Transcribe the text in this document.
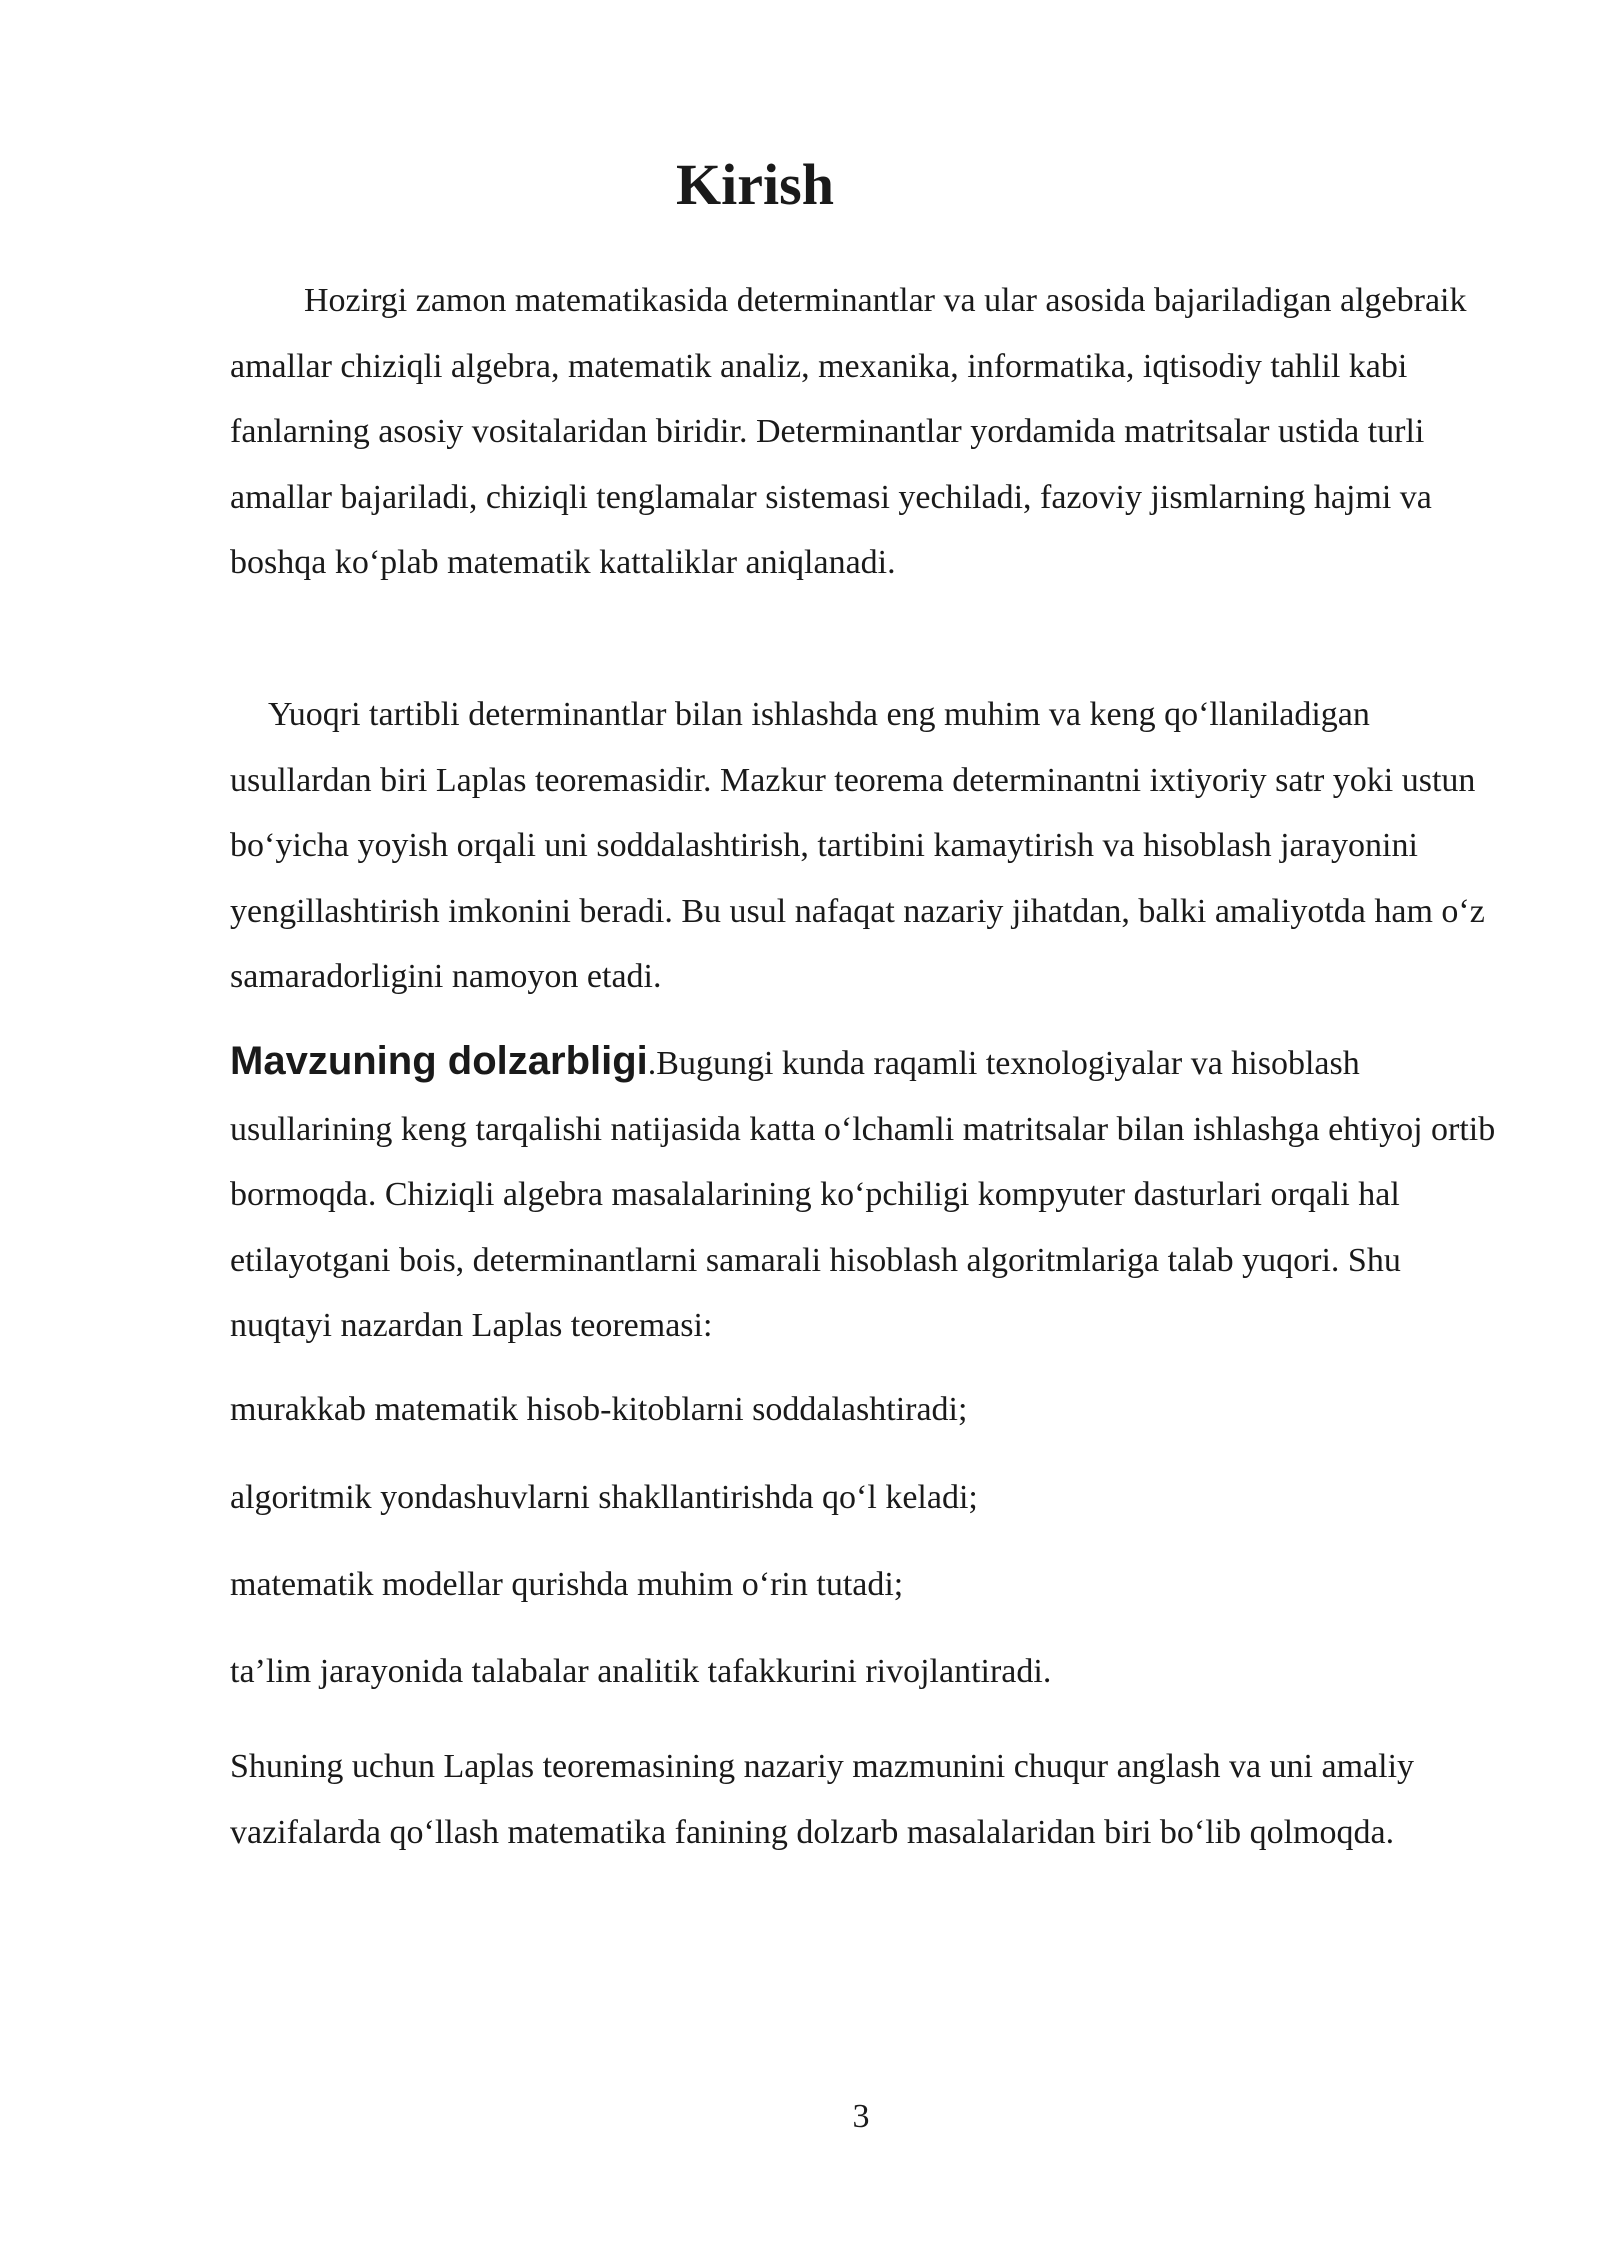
Kirish

Hozirgi zamon matematikasida determinantlar va ular asosida bajariladigan algebraik amallar chiziqli algebra, matematik analiz, mexanika, informatika, iqtisodiy tahlil kabi fanlarning asosiy vositalaridan biridir. Determinantlar yordamida matritsalar ustida turli amallar bajariladi, chiziqli tenglamalar sistemasi yechiladi, fazoviy jismlarning hajmi va boshqa koʻplab matematik kattaliklar aniqlanadi.

Yuoqri tartibli determinantlar bilan ishlashda eng muhim va keng qoʻllaniladigan usullardan biri Laplas teoremasidir. Mazkur teorema determinantni ixtiyoriy satr yoki ustun boʻyicha yoyish orqali uni soddalashtirish, tartibini kamaytirish va hisoblash jarayonini yengillashtirish imkonini beradi. Bu usul nafaqat nazariy jihatdan, balki amaliyotda ham oʻz samaradorligini namoyon etadi.

Mavzuning dolzarbligi.Bugungi kunda raqamli texnologiyalar va hisoblash usullarining keng tarqalishi natijasida katta oʻlchamli matritsalar bilan ishlashga ehtiyoj ortib bormoqda. Chiziqli algebra masalalarining koʻpchiligi kompyuter dasturlari orqali hal etilayotgani bois, determinantlarni samarali hisoblash algoritmlariga talab yuqori. Shu nuqtayi nazardan Laplas teoremasi:

murakkab matematik hisob-kitoblarni soddalashtiradi;

algoritmik yondashuvlarni shakllantirishda qoʻl keladi;

matematik modellar qurishda muhim oʻrin tutadi;

ta’lim jarayonida talabalar analitik tafakkurini rivojlantiradi.

Shuning uchun Laplas teoremasining nazariy mazmunini chuqur anglash va uni amaliy vazifalarda qoʻllash matematika fanining dolzarb masalalaridan biri boʻlib qolmoqda.

3
